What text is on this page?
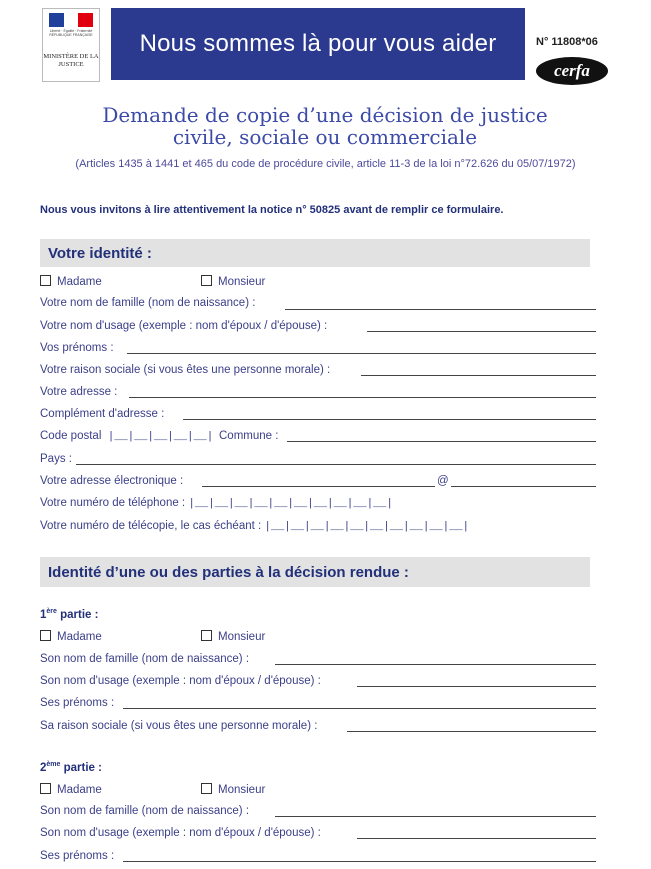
Liberté · Égalité · Fraternité RÉPUBLIQUE FRANÇAISE
MINISTÈRE DE LA JUSTICE
Nous sommes là pour vous aider	N° 11808*06
cerfa
Demande de copie d’une décision de justice
civile, sociale ou commerciale
(Articles 1435 à 1441 et 465 du code de procédure civile, article 11-3 de la loi n°72.626 du 05/07/1972)
Nous vous invitons à lire attentivement la notice n° 50825 avant de remplir ce formulaire.
Votre identité :
Madame	Monsieur
Votre nom de famille (nom de naissance) :
Votre nom d'usage (exemple : nom d'époux / d'épouse) :
Vos prénoms :
Votre raison sociale (si vous êtes une personne morale) :
Votre adresse :
Complément d'adresse :
Code postal |__|__|__|__|__| Commune :
Pays :
Votre adresse électronique :	@
Votre numéro de téléphone : |__|__|__|__|__|__|__|__|__|__|
Votre numéro de télécopie, le cas échéant : |__|__|__|__|__|__|__|__|__|__|
Identité d’une ou des parties à la décision rendue :
1ère partie :
Madame	Monsieur
Son nom de famille (nom de naissance) :
Son nom d'usage (exemple : nom d'époux / d'épouse) :
Ses prénoms :
Sa raison sociale (si vous êtes une personne morale) :
2ème partie :
Madame	Monsieur
Son nom de famille (nom de naissance) :
Son nom d'usage (exemple : nom d'époux / d'épouse) :
Ses prénoms :
